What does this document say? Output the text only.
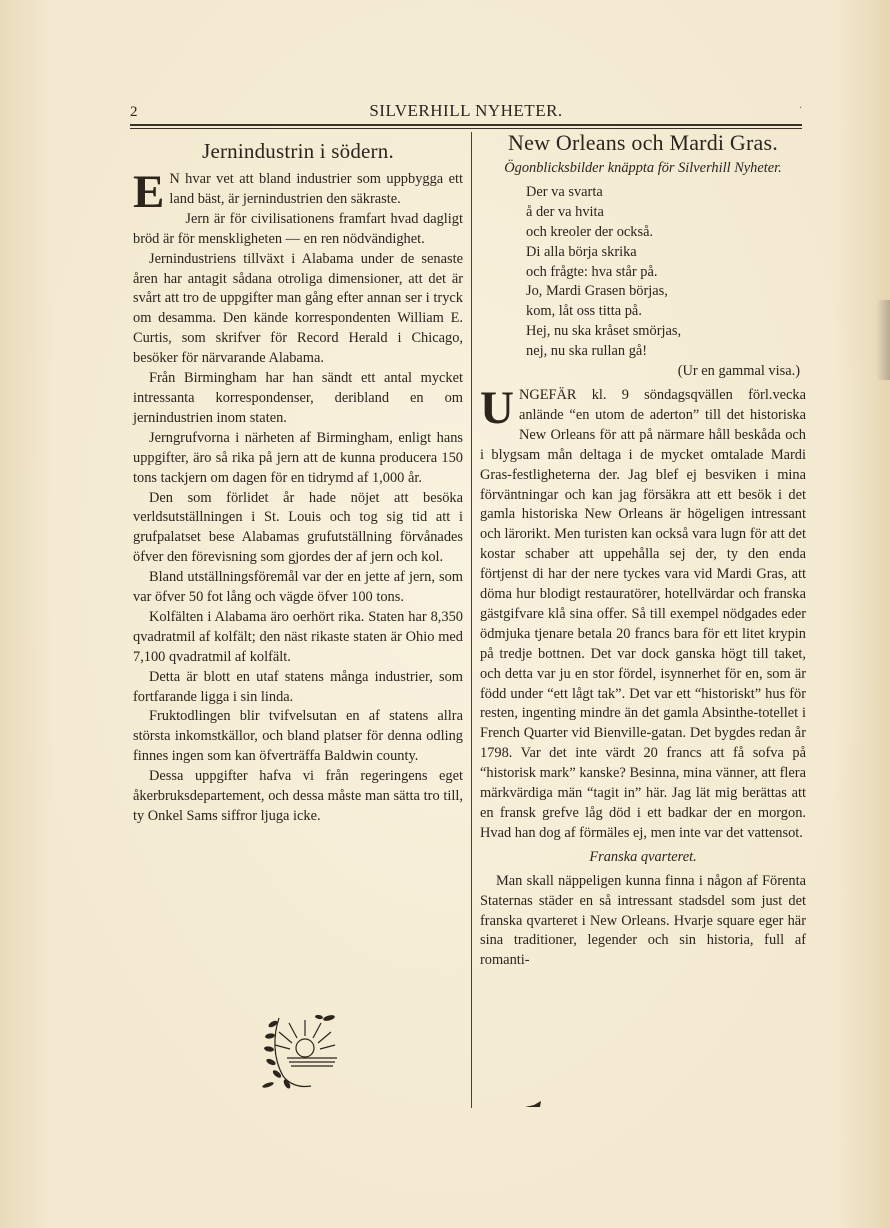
2	SILVERHILL NYHETER.	ˑ
Jernindustrin i södern.

E N hvar vet att bland industrier som uppbygga ett land bäst, är jernindustrien den säkraste.

Jern är för civilisationens framfart hvad dagligt bröd är för menskligheten — en ren nödvändighet.

Jernindustriens tillväxt i Alabama under de senaste åren har antagit sådana otroliga dimensioner, att det är svårt att tro de uppgifter man gång efter annan ser i tryck om desamma. Den kände korrespondenten William E. Curtis, som skrifver för Record Herald i Chicago, besöker för närvarande Alabama.

Från Birmingham har han sändt ett antal mycket intressanta korrespondenser, deribland en om jernindustrien inom staten.

Jerngrufvorna i närheten af Birmingham, enligt hans uppgifter, äro så rika på jern att de kunna producera 150 tons tackjern om dagen för en tidrymd af 1,000 år.

Den som förlidet år hade nöjet att besöka verldsutställningen i St. Louis och tog sig tid att i grufpalatset bese Alabamas grufutställning förvånades öfver den förevisning som gjordes der af jern och kol.

Bland utställningsföremål var der en jette af jern, som var öfver 50 fot lång och vägde öfver 100 tons.

Kolfälten i Alabama äro oerhört rika. Staten har 8,350 qvadratmil af kolfält; den näst rikaste staten är Ohio med 7,100 qvadratmil af kolfält.

Detta är blott en utaf statens många industrier, som fortfarande ligga i sin linda.

Fruktodlingen blir tvifvelsutan en af statens allra största inkomstkällor, och bland platser för denna odling finnes ingen som kan öfverträffa Baldwin county.

Dessa uppgifter hafva vi från regeringens eget åkerbruksdepartement, och dessa måste man sätta tro till, ty Onkel Sams siffror ljuga icke.

New Orleans och Mardi Gras.
Ögonblicksbilder knäppta för Silverhill Nyheter.
Der va svarta
å der va hvita
och kreoler der också.
Di alla börja skrika
och frågte: hva står på.
Jo, Mardi Grasen börjas,
kom, låt oss titta på.
Hej, nu ska kråset smörjas,
nej, nu ska rullan gå!
(Ur en gammal visa.)

UNGEFÄR kl. 9 söndagsqvällen förl.vecka anlände “en utom de aderton” till det historiska New Orleans för att på närmare håll beskåda och i blygsam mån deltaga i de mycket omtalade Mardi Gras-festligheterna der. Jag blef ej besviken i mina förväntningar och kan jag försäkra att ett besök i det gamla historiska New Orleans är högeligen intressant och lärorikt. Men turisten kan också vara lugn för att det kostar schaber att uppehålla sej der, ty den enda förtjenst di har der nere tyckes vara vid Mardi Gras, att döma hur blodigt restauratörer, hotellvärdar och franska gästgifvare klå sina offer. Så till exempel nödgades eder ödmjuka tjenare betala 20 francs bara för ett litet krypin på tredje bottnen. Det var dock ganska högt till taket, och detta var ju en stor fördel, isynnerhet för en, som är född under “ett lågt tak”. Det var ett “historiskt” hus för resten, ingenting mindre än det gamla Absinthe-totellet i French Quarter vid Bienville-gatan. Det bygdes redan år 1798. Var det inte värdt 20 francs att få sofva på “historisk mark” kanske? Besinna, mina vänner, att flera märkvärdiga män “tagit in” här. Jag lät mig berättas att en fransk grefve låg död i ett badkar der en morgon. Hvad han dog af förmäles ej, men inte var det vattensot.

Franska qvarteret.

Man skall näppeligen kunna finna i någon af Förenta Staternas städer en så intressant stadsdel som just det franska qvarteret i New Orleans. Hvarje square eger här sina traditioner, legender och sin historia, full af romanti-
